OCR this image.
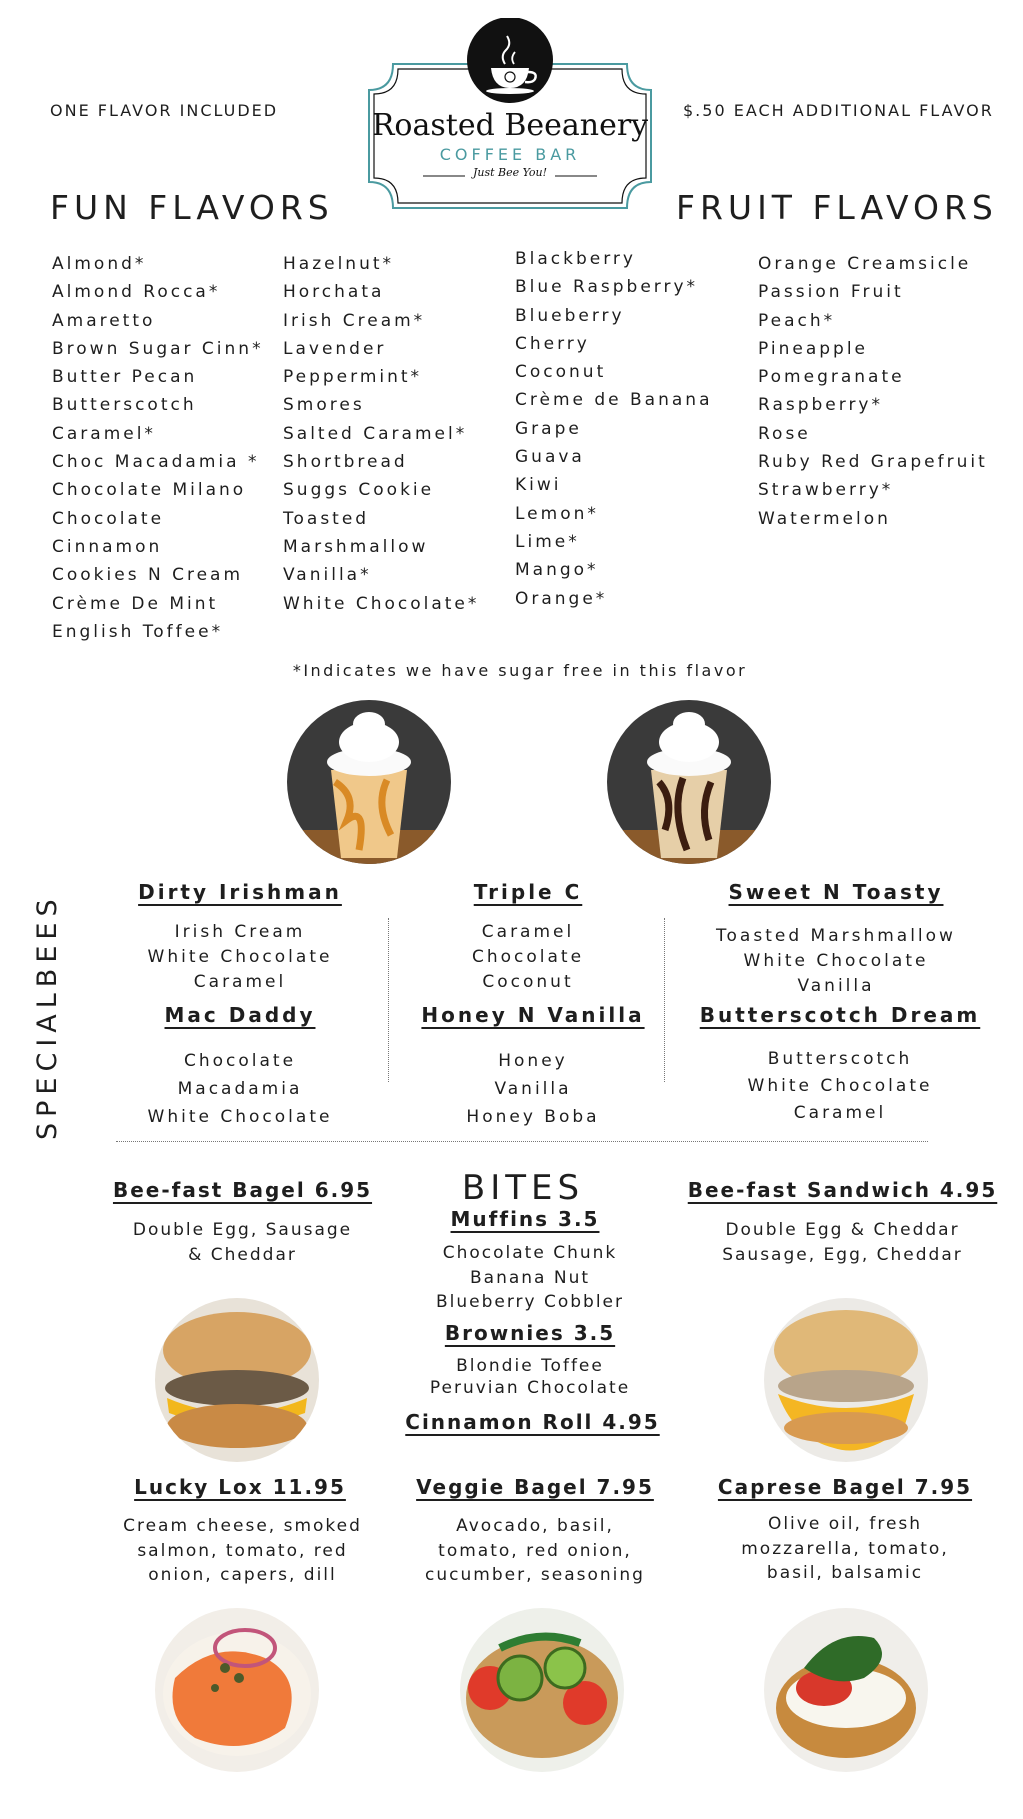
ONE FLAVOR INCLUDED	$.50 EACH ADDITIONAL FLAVOR
Roasted Beeanery
COFFEE BAR
Just Bee You!
FUN FLAVORS	FRUIT FLAVORS
Almond*
Almond Rocca*
Amaretto
Brown Sugar Cinn*
Butter Pecan
Butterscotch
Caramel*
Choc Macadamia *
Chocolate Milano
Chocolate
Cinnamon
Cookies N Cream
Crème De Mint
English Toffee*
Hazelnut*
Horchata
Irish Cream*
Lavender
Peppermint*
Smores
Salted Caramel*
Shortbread
Suggs Cookie
Toasted
Marshmallow
Vanilla*
White Chocolate*
Blackberry
Blue Raspberry*
Blueberry
Cherry
Coconut
Crème de Banana
Grape
Guava
Kiwi
Lemon*
Lime*
Mango*
Orange*
Orange Creamsicle
Passion Fruit
Peach*
Pineapple
Pomegranate
Raspberry*
Rose
Ruby Red Grapefruit
Strawberry*
Watermelon
*Indicates we have sugar free in this flavor
SPECIALBEES
Dirty Irishman
Irish Cream
White Chocolate
Caramel
Triple C
Caramel
Chocolate
Coconut
Sweet N Toasty
Toasted Marshmallow
White Chocolate
Vanilla
Mac Daddy
Chocolate
Macadamia
White Chocolate
Honey N Vanilla
Honey
Vanilla
Honey Boba
Butterscotch Dream
Butterscotch
White Chocolate
Caramel
BITES
Bee-fast Bagel 6.95
Double Egg, Sausage
& Cheddar
Bee-fast Sandwich 4.95
Double Egg & Cheddar
Sausage, Egg, Cheddar
Muffins 3.5
Chocolate Chunk
Banana Nut
Blueberry Cobbler
Brownies 3.5
Blondie Toffee
Peruvian Chocolate
Cinnamon Roll 4.95
Lucky Lox 11.95
Cream cheese, smoked
salmon, tomato, red
onion, capers, dill
Veggie Bagel 7.95
Avocado, basil,
tomato, red onion,
cucumber, seasoning
Caprese Bagel 7.95
Olive oil, fresh
mozzarella, tomato,
basil, balsamic
